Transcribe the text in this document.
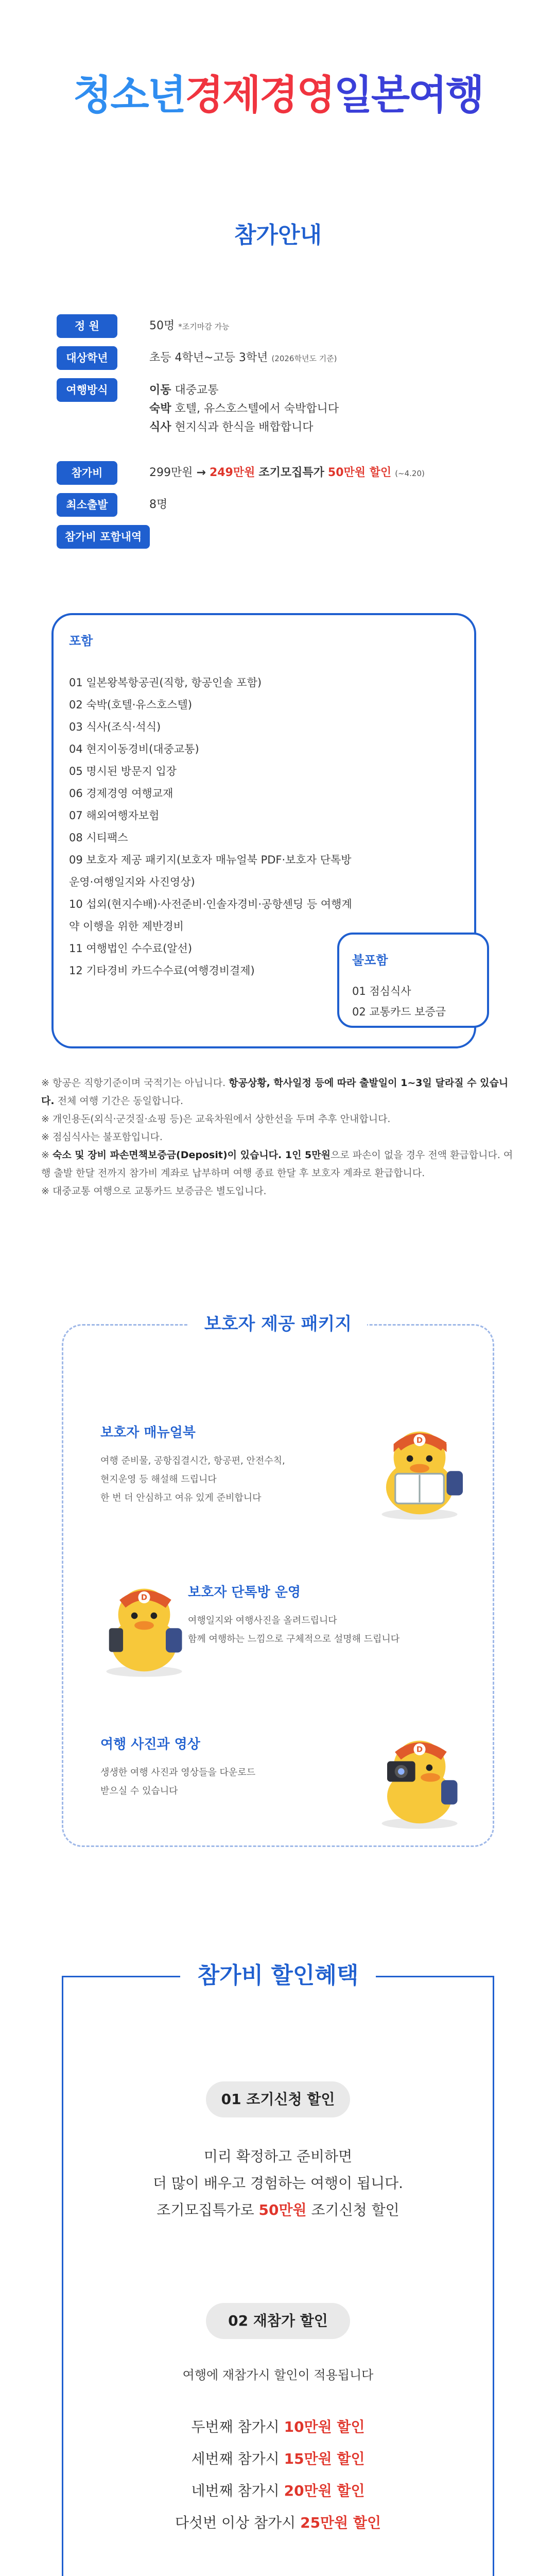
청소년경제경영일본여행
참가안내
정 원	50명 *조기마감 가능
대상학년	초등 4학년~고등 3학년 (2026학년도 기준)
여행방식	이동 대중교통
숙박 호텔, 유스호스텔에서 숙박합니다
식사 현지식과 한식을 배합합니다
참가비	299만원 → 249만원 조기모집특가 50만원 할인 (~4.20)
최소출발	8명
참가비 포함내역
포함
01 일본왕복항공권(직항, 항공인솔 포함)
02 숙박(호텔·유스호스텔)
03 식사(조식·석식)
04 현지이동경비(대중교통)
05 명시된 방문지 입장
06 경제경영 여행교재
07 해외여행자보험
08 시티팩스
09 보호자 제공 패키지(보호자 매뉴얼북 PDF·보호자 단톡방
운영·여행일지와 사진영상)
10 섭외(현지수배)·사전준비·인솔자경비·공항센딩 등 여행계
약 이행을 위한 제반경비
11 여행법인 수수료(알선)
12 기타경비 카드수수료(여행경비결제)
불포함
01 점심식사
02 교통카드 보증금
※ 항공은 직항기준이며 국적기는 아닙니다. 항공상황, 학사일정 등에 따라 출발일이 1~3일 달라질 수 있습니다. 전체 여행 기간은 동일합니다.
※ 개인용돈(외식·군것질·쇼핑 등)은 교육차원에서 상한선을 두며 추후 안내합니다.
※ 점심식사는 불포함입니다.
※ 숙소 및 장비 파손면책보증금(Deposit)이 있습니다. 1인 5만원으로 파손이 없을 경우 전액 환급합니다. 여행 출발 한달 전까지 참가비 계좌로 납부하며 여행 종료 한달 후 보호자 계좌로 환급합니다.
※ 대중교통 여행으로 교통카드 보증금은 별도입니다.
보호자 제공 패키지
보호자 매뉴얼북
여행 준비물, 공항집결시간, 항공편, 안전수칙,
현지운영 등 해설해 드립니다
한 번 더 안심하고 여유 있게 준비합니다
보호자 단톡방 운영
여행일지와 여행사진을 올려드립니다
함께 여행하는 느낌으로 구체적으로 설명해 드립니다
여행 사진과 영상
생생한 여행 사진과 영상들을 다운로드
받으실 수 있습니다
D
D
D
참가비 할인혜택
01 조기신청 할인
미리 확정하고 준비하면
더 많이 배우고 경험하는 여행이 됩니다.
조기모집특가로 50만원 조기신청 할인
02 재참가 할인
여행에 재참가시 할인이 적용됩니다
두번째 참가시 10만원 할인
세번째 참가시 15만원 할인
네번째 참가시 20만원 할인
다섯번 이상 참가시 25만원 할인
